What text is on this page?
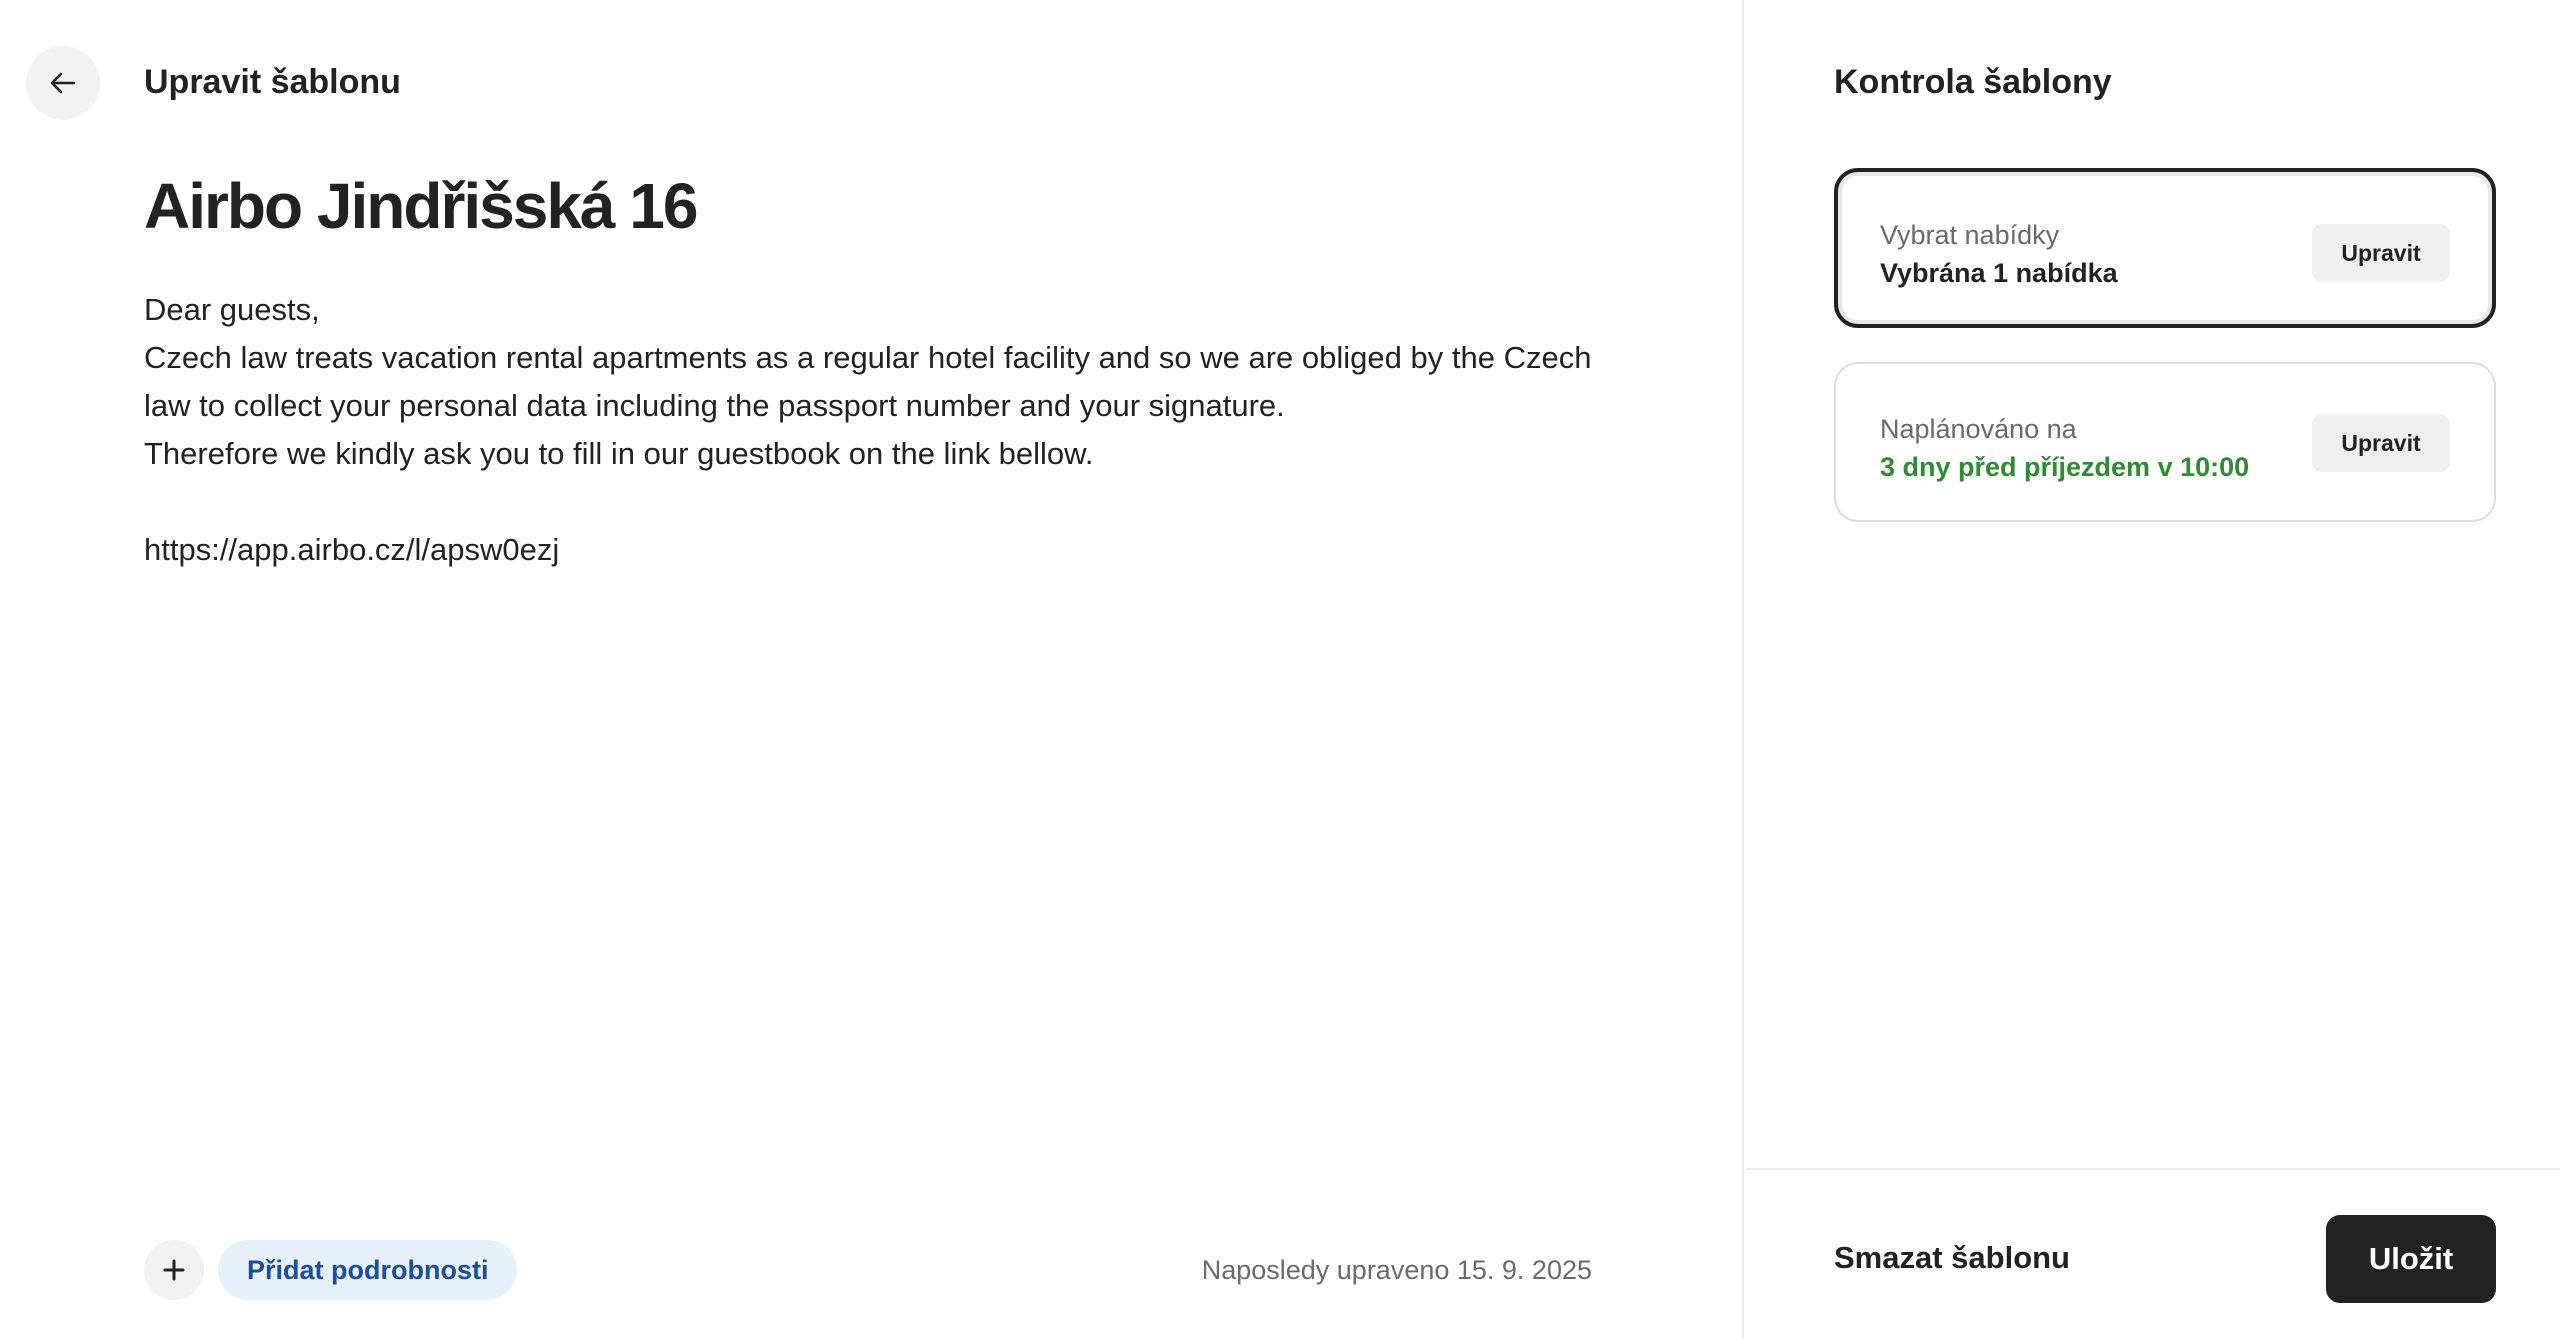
Upravit šablonu
Airbo Jindřišská 16

Dear guests,

Czech law treats vacation rental apartments as a regular hotel facility and so we are obliged by the Czech law to collect your personal data including the passport number and your signature.

Therefore we kindly ask you to fill in our guestbook on the link bellow.

https://app.airbo.cz/l/apsw0ezj

Přidat podrobnosti	Naposledy upraveno 15. 9. 2025
Kontrola šablony
Vybrat nabídky
Vybrána 1 nabídka
Upravit
Naplánováno na
3 dny před příjezdem v 10:00
Upravit
Smazat šablonu	Uložit
